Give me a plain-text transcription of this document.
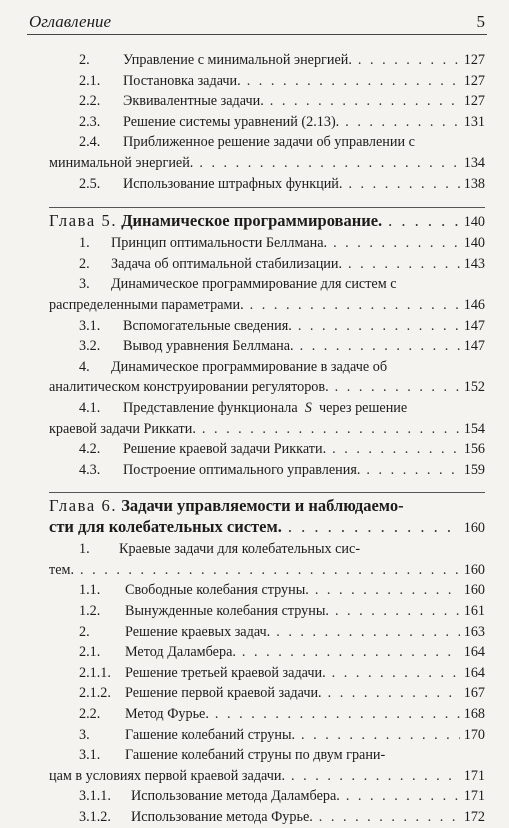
Оглавление	5
2. Управление с минимальной энергией. . . .	127
2.1. Постановка задачи. . . .	127
2.2. Эквивалентные задачи. . . .	127
2.3. Решение системы уравнений (2.13). . . .	131
2.4. Приближенное решение задачи об управлении с
минимальной энергией. . . .	134
2.5. Использование штрафных функций. . . .	138
Глава 5. Динамическое программирование. . . .	140
1. Принцип оптимальности Беллмана. . . .	140
2. Задача об оптимальной стабилизации. . . .	143
3. Динамическое программирование для систем с
распределенными параметрами. . . .	146
3.1. Вспомогательные сведения. . . .	147
3.2. Вывод уравнения Беллмана. . . .	147
4. Динамическое программирование в задаче об
аналитическом конструировании регуляторов. . . .	152
4.1. Представление функционала S через решение
краевой задачи Риккати. . . .	154
4.2. Решение краевой задачи Риккати. . . .	156
4.3. Построение оптимального управления. . . .	159
Глава 6. Задачи управляемости и наблюдаемо-
сти для колебательных систем. . . .	160
1. Краевые задачи для колебательных сис-
тем. . . .	160
1.1. Свободные колебания струны. . . .	160
1.2. Вынужденные колебания струны. . . .	161
2. Решение краевых задач. . . .	163
2.1. Метод Даламбера. . . .	164
2.1.1. Решение третьей краевой задачи. . . .	164
2.1.2. Решение первой краевой задачи. . . .	167
2.2. Метод Фурье. . . .	168
3. Гашение колебаний струны. . . .	170
3.1. Гашение колебаний струны по двум грани-
цам в условиях первой краевой задачи. . . .	171
3.1.1. Использование метода Даламбера. . . .	171
3.1.2. Использование метода Фурье. . . .	172
